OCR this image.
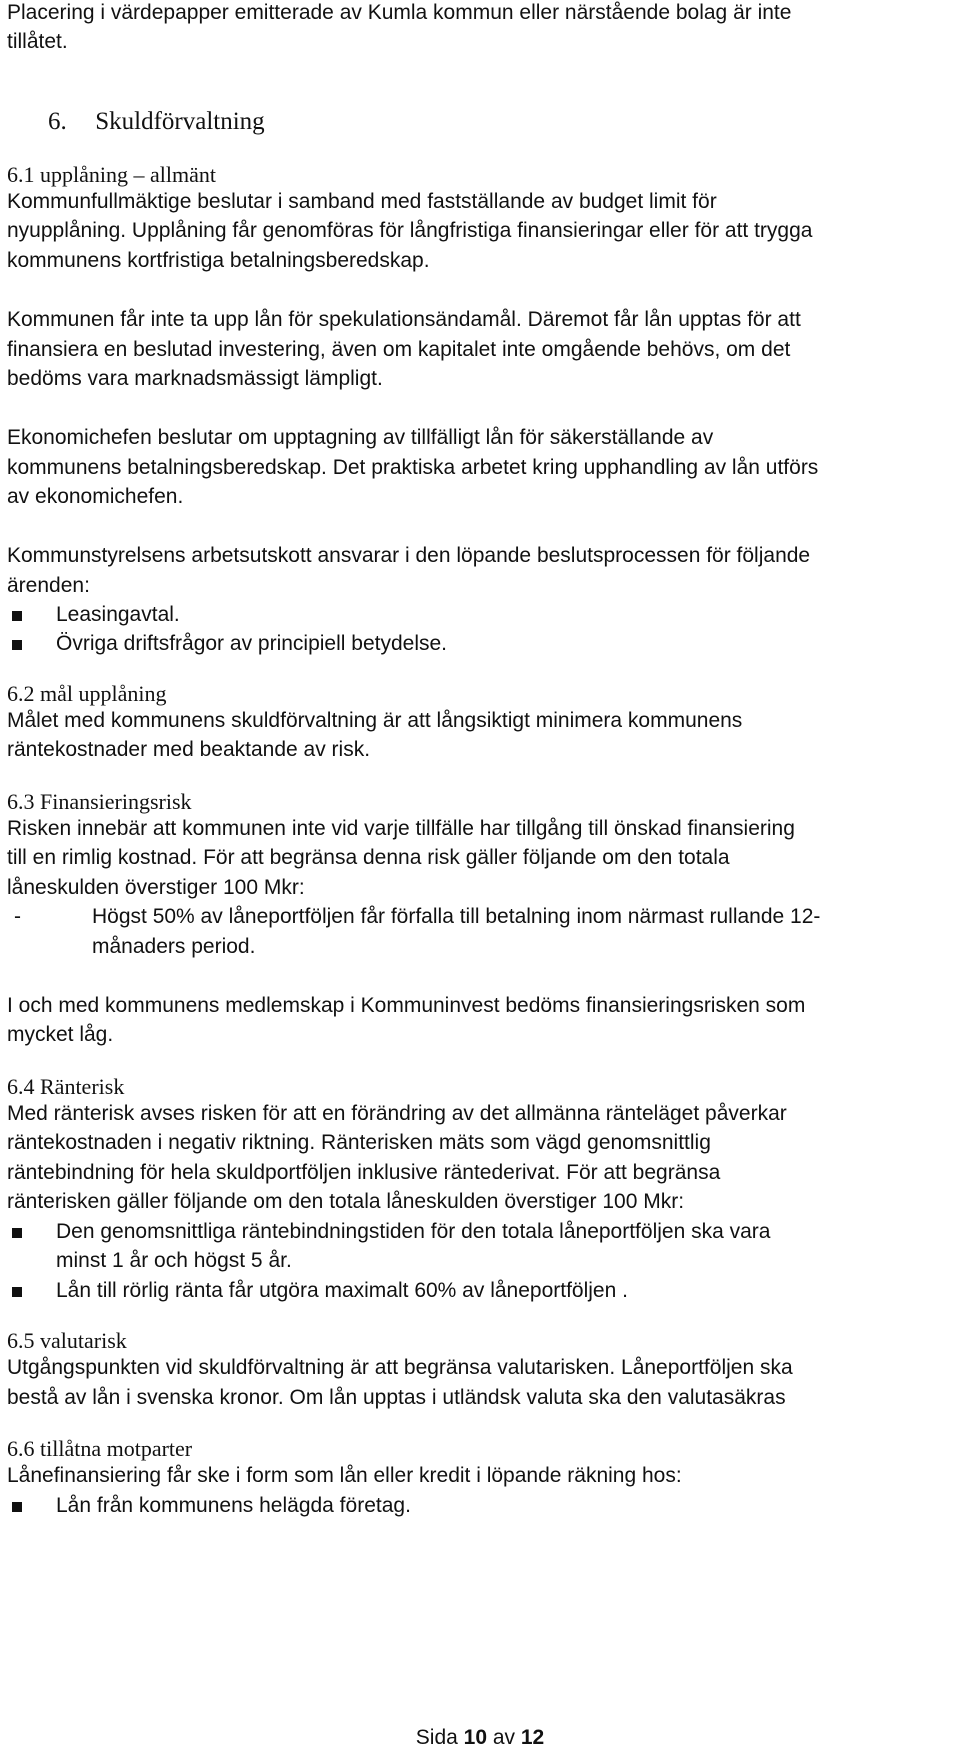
Placering i värdepapper emitterade av Kumla kommun eller närstående bolag är inte
tillåtet.
6. Skuldförvaltning
6.1 upplåning – allmänt
Kommunfullmäktige beslutar i samband med fastställande av budget limit för
nyupplåning. Upplåning får genomföras för långfristiga finansieringar eller för att trygga
kommunens kortfristiga betalningsberedskap.
Kommunen får inte ta upp lån för spekulationsändamål. Däremot får lån upptas för att
finansiera en beslutad investering, även om kapitalet inte omgående behövs, om det
bedöms vara marknadsmässigt lämpligt.
Ekonomichefen beslutar om upptagning av tillfälligt lån för säkerställande av
kommunens betalningsberedskap. Det praktiska arbetet kring upphandling av lån utförs
av ekonomichefen.
Kommunstyrelsens arbetsutskott ansvarar i den löpande beslutsprocessen för följande
ärenden:
Leasingavtal.
Övriga driftsfrågor av principiell betydelse.
6.2 mål upplåning
Målet med kommunens skuldförvaltning är att långsiktigt minimera kommunens
räntekostnader med beaktande av risk.
6.3 Finansieringsrisk
Risken innebär att kommunen inte vid varje tillfälle har tillgång till önskad finansiering
till en rimlig kostnad. För att begränsa denna risk gäller följande om den totala
låneskulden överstiger 100 Mkr:
-	Högst 50% av låneportföljen får förfalla till betalning inom närmast rullande 12-
månaders period.
I och med kommunens medlemskap i Kommuninvest bedöms finansieringsrisken som
mycket låg.
6.4 Ränterisk
Med ränterisk avses risken för att en förändring av det allmänna ränteläget påverkar
räntekostnaden i negativ riktning. Ränterisken mäts som vägd genomsnittlig
räntebindning för hela skuldportföljen inklusive räntederivat. För att begränsa
ränterisken gäller följande om den totala låneskulden överstiger 100 Mkr:
Den genomsnittliga räntebindningstiden för den totala låneportföljen ska vara
minst 1 år och högst 5 år.
Lån till rörlig ränta får utgöra maximalt 60% av låneportföljen .
6.5 valutarisk
Utgångspunkten vid skuldförvaltning är att begränsa valutarisken. Låneportföljen ska
bestå av lån i svenska kronor. Om lån upptas i utländsk valuta ska den valutasäkras
6.6 tillåtna motparter
Lånefinansiering får ske i form som lån eller kredit i löpande räkning hos:
Lån från kommunens helägda företag.
Sida 10 av 12
